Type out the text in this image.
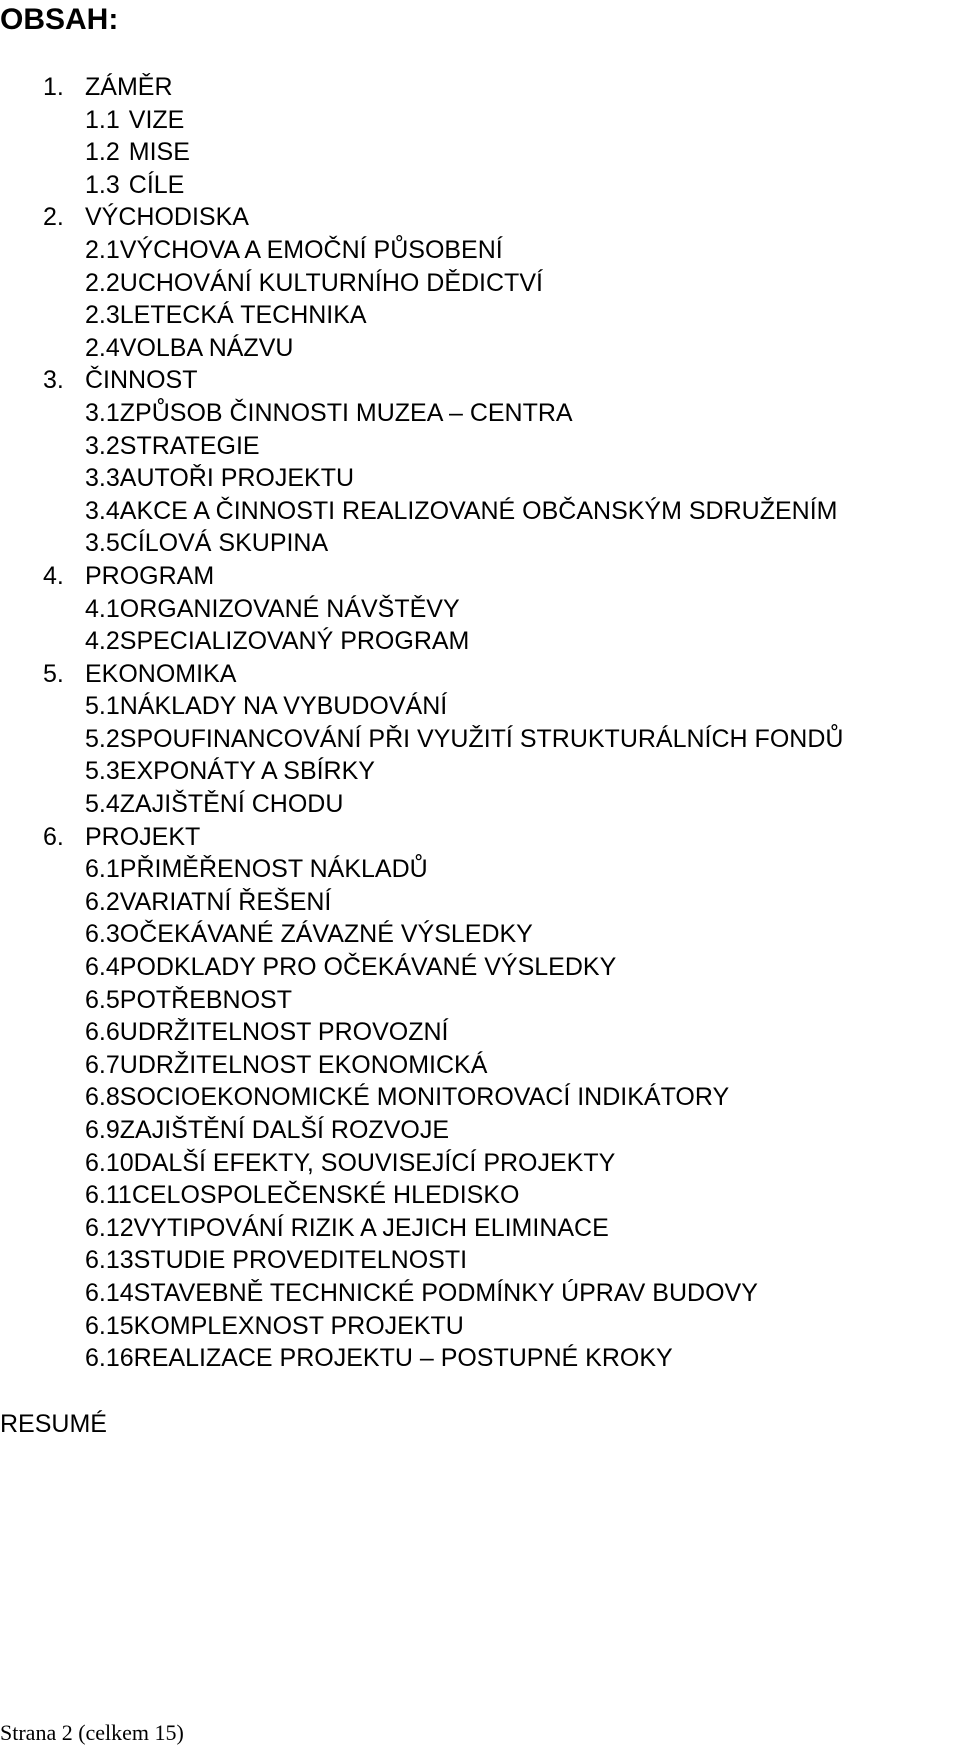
OBSAH:
1. ZÁMĚR
1.1 VIZE
1.2 MISE
1.3 CÍLE
2. VÝCHODISKA
2.1 VÝCHOVA A EMOČNÍ PŮSOBENÍ
2.2 UCHOVÁNÍ KULTURNÍHO DĚDICTVÍ
2.3 LETECKÁ TECHNIKA
2.4 VOLBA NÁZVU
3. ČINNOST
3.1 ZPŮSOB ČINNOSTI MUZEA – CENTRA
3.2 STRATEGIE
3.3 AUTOŘI PROJEKTU
3.4 AKCE A ČINNOSTI REALIZOVANÉ OBČANSKÝM SDRUŽENÍM
3.5 CÍLOVÁ SKUPINA
4. PROGRAM
4.1 ORGANIZOVANÉ NÁVŠTĚVY
4.2 SPECIALIZOVANÝ PROGRAM
5. EKONOMIKA
5.1 NÁKLADY NA VYBUDOVÁNÍ
5.2 SPOUFINANCOVÁNÍ PŘI VYUŽITÍ STRUKTURÁLNÍCH FONDŮ
5.3 EXPONÁTY A SBÍRKY
5.4 ZAJIŠTĚNÍ CHODU
6. PROJEKT
6.1 PŘIMĚŘENOST NÁKLADŮ
6.2 VARIATNÍ ŘEŠENÍ
6.3 OČEKÁVANÉ ZÁVAZNÉ VÝSLEDKY
6.4 PODKLADY PRO OČEKÁVANÉ VÝSLEDKY
6.5 POTŘEBNOST
6.6 UDRŽITELNOST PROVOZNÍ
6.7 UDRŽITELNOST EKONOMICKÁ
6.8 SOCIOEKONOMICKÉ MONITOROVACÍ INDIKÁTORY
6.9 ZAJIŠTĚNÍ DALŠÍ ROZVOJE
6.10 DALŠÍ EFEKTY, SOUVISEJÍCÍ PROJEKTY
6.11 CELOSPOLEČENSKÉ HLEDISKO
6.12 VYTIPOVÁNÍ RIZIK A JEJICH ELIMINACE
6.13 STUDIE PROVEDITELNOSTI
6.14 STAVEBNĚ TECHNICKÉ PODMÍNKY ÚPRAV BUDOVY
6.15 KOMPLEXNOST PROJEKTU
6.16 REALIZACE PROJEKTU – POSTUPNÉ KROKY
RESUMÉ
Strana 2 (celkem 15)
